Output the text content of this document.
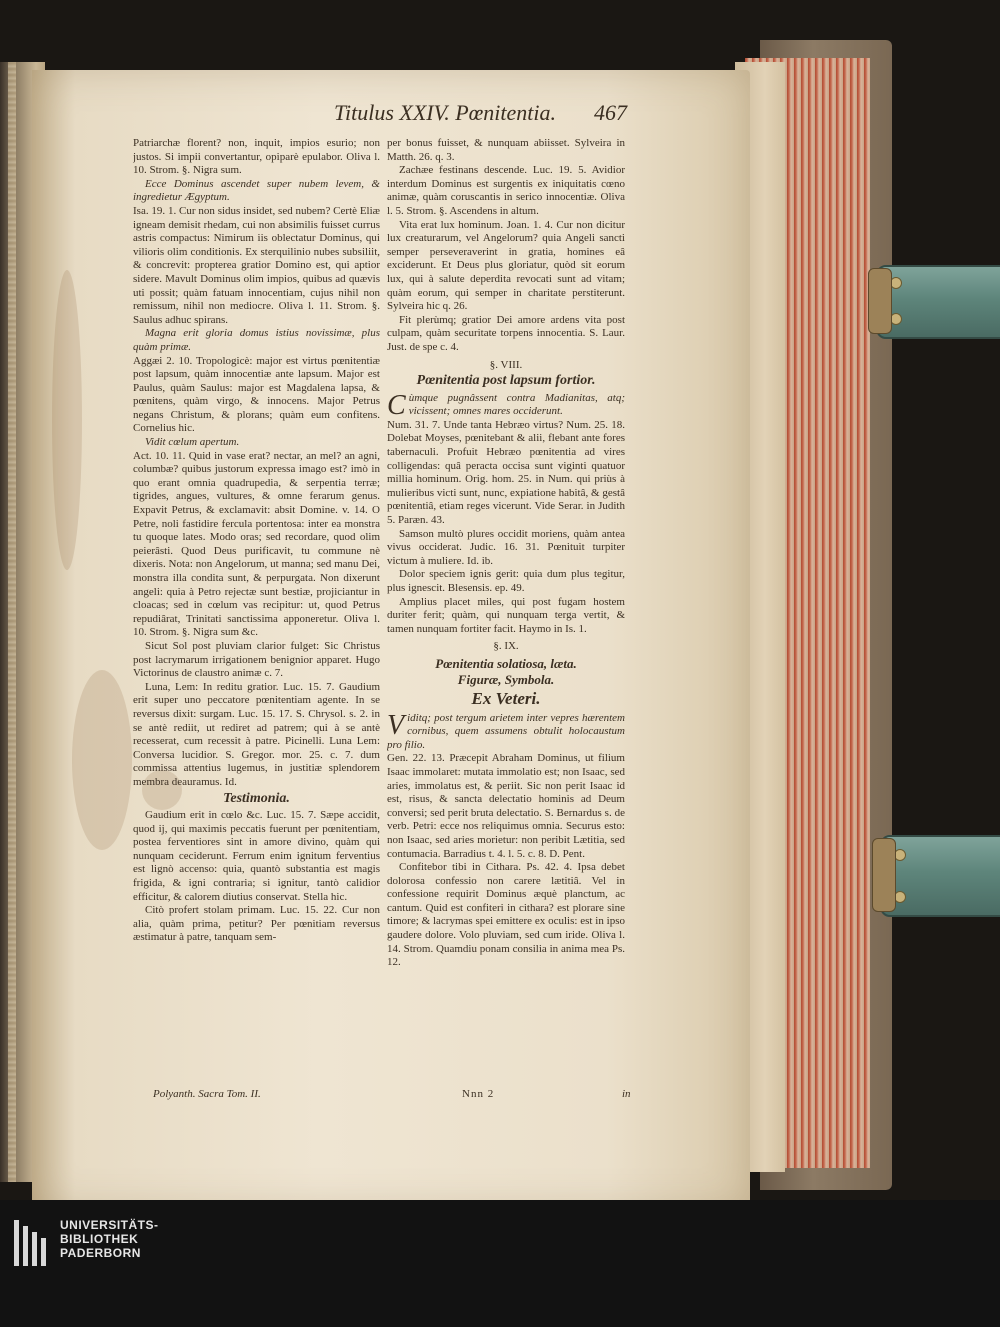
Titulus XXIV. Pœnitentia.	467

Patriarchæ florent? non, inquit, impios esurio; non justos. Si impii convertantur, opiparè epulabor. Oliva l. 10. Strom. §. Nigra sum.

Ecce Dominus ascendet super nubem levem, & ingredietur Ægyptum.

Isa. 19. 1. Cur non sidus insidet, sed nubem? Certè Eliæ igneam demisit rhedam, cui non absimilis fuisset currus astris compactus: Nimirum iis oblectatur Dominus, qui vilioris olim conditionis. Ex sterquilinio nubes subsiliit, & concrevit: propterea gratior Domino est, qui aptior sidere. Mavult Dominus olim impios, quibus ad quævis uti possit; quàm fatuam innocentiam, cujus nihil non remissum, nihil non mediocre. Oliva l. 11. Strom. §. Saulus adhuc spirans.

Magna erit gloria domus istius novissimæ, plus quàm primæ.

Aggæi 2. 10. Tropologicè: major est virtus pœnitentiæ post lapsum, quàm innocentiæ ante lapsum. Major est Paulus, quàm Saulus: major est Magdalena lapsa, & pœnitens, quàm virgo, & innocens. Major Petrus negans Christum, & plorans; quàm eum confitens. Cornelius hic.

Vidit cœlum apertum.

Act. 10. 11. Quid in vase erat? nectar, an mel? an agni, columbæ? quibus justorum expressa imago est? imò in quo erant omnia quadrupedia, & serpentia terræ; tigrides, angues, vultures, & omne ferarum genus. Expavit Petrus, & exclamavit: absit Domine. v. 14. O Petre, noli fastidire fercula portentosa: inter ea monstra tu quoque lates. Modo oras; sed recordare, quod olim peierâsti. Quod Deus purificavit, tu commune nè dixeris. Nota: non Angelorum, ut manna; sed manu Dei, monstra illa condita sunt, & perpurgata. Non dixerunt angeli: quia à Petro rejectæ sunt bestiæ, projiciantur in cloacas; sed in cœlum vas recipitur: ut, quod Petrus repudiârat, Trinitati sanctissima apponeretur. Oliva l. 10. Strom. §. Nigra sum &c.

Sicut Sol post pluviam clarior fulget: Sic Christus post lacrymarum irrigationem benignior apparet. Hugo Victorinus de claustro animæ c. 7.

Luna, Lem: In reditu gratior. Luc. 15. 7. Gaudium erit super uno peccatore pœnitentiam agente. In se reversus dixit: surgam. Luc. 15. 17. S. Chrysol. s. 2. in se antè rediit, ut rediret ad patrem; qui à se antè recesserat, cum recessit à patre. Picinelli. Luna Lem: Conversa lucidior. S. Gregor. mor. 25. c. 7. dum commissa attentius lugemus, in justitiæ splendorem membra deauramus. Id.

Testimonia.

Gaudium erit in cœlo &c. Luc. 15. 7. Sæpe accidit, quod ij, qui maximis peccatis fuerunt per pœnitentiam, postea ferventiores sint in amore divino, quàm qui nunquam ceciderunt. Ferrum enim ignitum ferventius est lignò accenso: quia, quantò substantia est magis frigida, & igni contraria; si ignitur, tantò calidior efficitur, & calorem diutius conservat. Stella hic.

Citò profert stolam primam. Luc. 15. 22. Cur non alia, quàm prima, petitur? Per pœnitiam reversus æstimatur à patre, tanquam sem-

per bonus fuisset, & nunquam abiisset. Sylveira in Matth. 26. q. 3.

Zachæe festinans descende. Luc. 19. 5. Avidior interdum Dominus est surgentis ex iniquitatis cœno animæ, quàm coruscantis in serico innocentiæ. Oliva l. 5. Strom. §. Ascendens in altum.

Vita erat lux hominum. Joan. 1. 4. Cur non dicitur lux creaturarum, vel Angelorum? quia Angeli sancti semper perseveraverint in gratia, homines eâ exciderunt. Et Deus plus gloriatur, quòd sit eorum lux, qui à salute deperdita revocati sunt ad vitam; quàm eorum, qui semper in charitate perstiterunt. Sylveira hic q. 26.

Fit plerùmq; gratior Dei amore ardens vita post culpam, quàm securitate torpens innocentia. S. Laur. Just. de spe c. 4.

§. VIII.

Pœnitentia post lapsum fortior.

Cùmque pugnâssent contra Madianitas, atq; vicissent; omnes mares occiderunt.

Num. 31. 7. Unde tanta Hebræo virtus? Num. 25. 18. Dolebat Moyses, pœnitebant & alii, flebant ante fores tabernaculi. Profuit Hebræo pœnitentia ad vires colligendas: quâ peracta occisa sunt viginti quatuor millia hominum. Orig. hom. 25. in Num. qui priùs à mulieribus victi sunt, nunc, expiatione habitâ, & gestâ pœnitentiâ, etiam reges vicerunt. Vide Serar. in Judith 5. Paræn. 43.

Samson multò plures occidit moriens, quàm antea vivus occiderat. Judic. 16. 31. Pœnituit turpiter victum à muliere. Id. ib.

Dolor speciem ignis gerit: quia dum plus tegitur, plus ignescit. Blesensis. ep. 49.

Amplius placet miles, qui post fugam hostem duriter ferit; quàm, qui nunquam terga vertit, & tamen nunquam fortiter facit. Haymo in Is. 1.

§. IX.

Pœnitentia solatiosa, læta.

Figuræ, Symbola.

Ex Veteri.

Viditq; post tergum arietem inter vepres hærentem cornibus, quem assumens obtulit holocaustum pro filio.

Gen. 22. 13. Præcepit Abraham Dominus, ut filium Isaac immolaret: mutata immolatio est; non Isaac, sed aries, immolatus est, & periit. Sic non perit Isaac id est, risus, & sancta delectatio hominis ad Deum conversi; sed perit bruta delectatio. S. Bernardus s. de verb. Petri: ecce nos reliquimus omnia. Securus esto: non Isaac, sed aries morietur: non peribit Lætitia, sed contumacia. Barradius t. 4. l. 5. c. 8. D. Pent.

Confitebor tibi in Cithara. Ps. 42. 4. Ipsa debet dolorosa confessio non carere lætitiâ. Vel in confessione requirit Dominus æquè planctum, ac cantum. Quid est confiteri in cithara? est plorare sine timore; & lacrymas spei emittere ex oculis: est in ipso gaudere dolore. Volo pluviam, sed cum iride. Oliva l. 14. Strom. Quamdiu ponam consilia in anima mea Ps. 12.

Polyanth. Sacra Tom. II.	Nnn 2	in
UNIVERSITÄTS-
BIBLIOTHEK
PADERBORN
